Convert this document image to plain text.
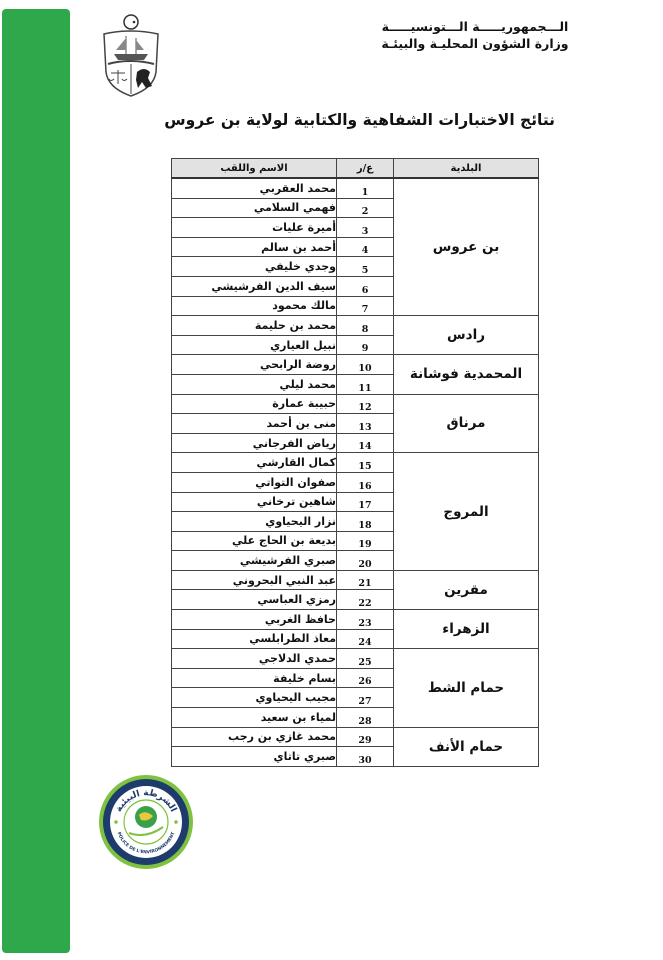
الـــجمهوريـــــة الـــتونسيـــــة
وزارة الشؤون المحليـة والبيئـة
نتائج الاختبارات الشفاهية والكتابية لولاية بن عروس
البلدية	ع/ر	الاسم واللقب
بن عروس	1	محمد العقربي
	2	فهمي السلامي
	3	أميرة عليات
	4	أحمد بن سالم
	5	وجدي خليفي
	6	سيف الدين الفرشيشي
	7	مالك محمود
رادس	8	محمد بن حليمة
	9	نبيل العياري
المحمدية فوشانة	10	روضة الرابحي
	11	محمد ليلي
مرناق	12	حبيبة عمارة
	13	منى بن أحمد
	14	رياض الفرجاني
المروج	15	كمال القارشي
	16	صفوان التواتي
	17	شاهين ترخاني
	18	نزار اليحياوي
	19	بديعة بن الحاج علي
	20	صبري الفرشيشي
مقرين	21	عبد النبي البحروني
	22	رمزي العباسي
الزهراء	23	حافظ الغربي
	24	معاذ الطرابلسي
حمام الشط	25	حمدي الدلاجي
	26	بسام خليفة
	27	مجيب اليحياوي
	28	لمياء بن سعيد
حمام الأنف	29	محمد غازي بن رجب
	30	صبري تاتاي
الشرطة البيئية
POLICE DE L'ENVIRONNEMENT
